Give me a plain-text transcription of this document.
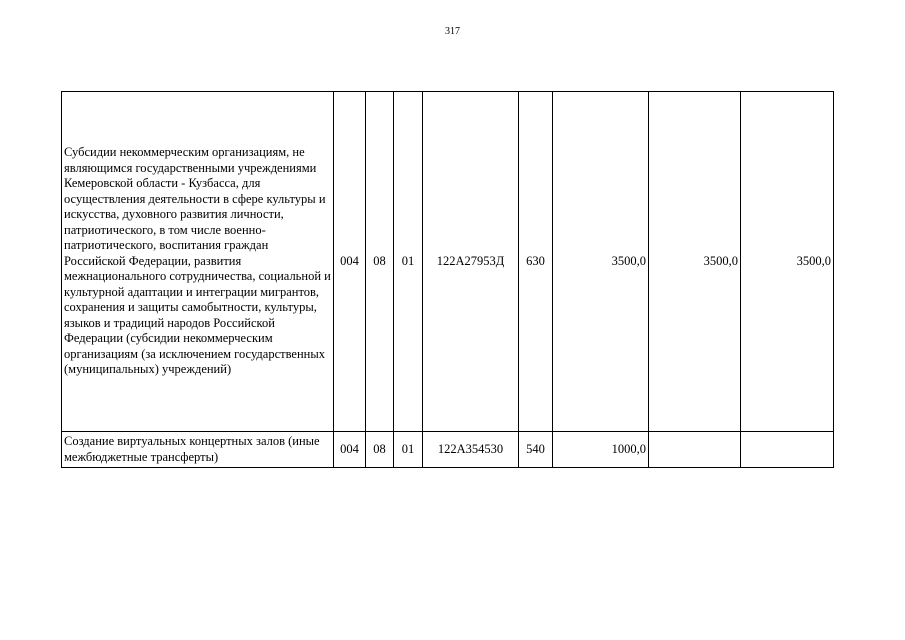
317
Субсидии некоммерческим организациям, не являющимся государственными учреждениями Кемеровской области - Кузбасса, для осуществления деятельности в сфере культуры и искусства, духовного развития личности, патриотического, в том числе военно-патриотического, воспитания граждан Российской Федерации, развития межнационального сотрудничества, социальной и культурной адаптации и интеграции мигрантов, сохранения и защиты самобытности, культуры, языков и традиций народов Российской Федерации (субсидии некоммерческим организациям (за исключением государственных (муниципальных) учреждений)	004	08	01	122А27953Д	630	3500,0	3500,0	3500,0
Создание виртуальных концертных залов (иные межбюджетные трансферты)	004	08	01	122А354530	540	1000,0		
